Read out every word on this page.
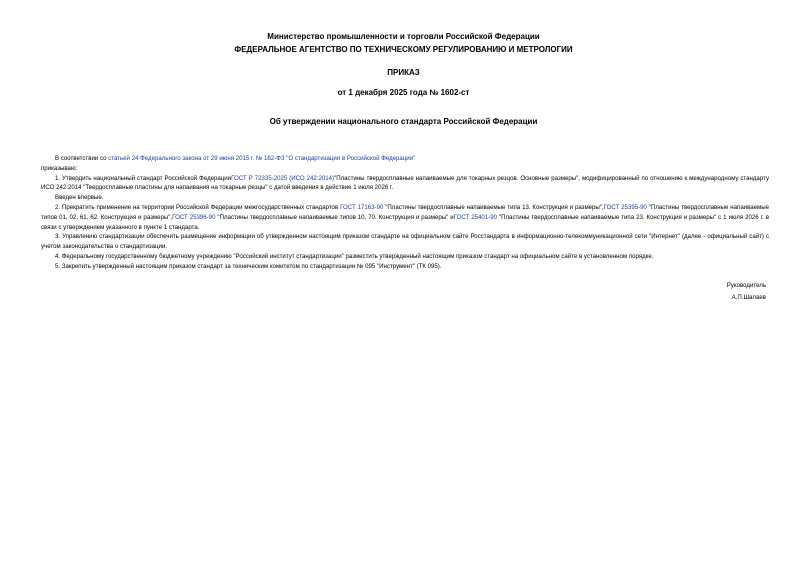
Министерство промышленности и торговли Российской Федерации
ФЕДЕРАЛЬНОЕ АГЕНТСТВО ПО ТЕХНИЧЕСКОМУ РЕГУЛИРОВАНИЮ И МЕТРОЛОГИИ
ПРИКАЗ
от 1 декабря 2025 года № 1602-ст
Об утверждении национального стандарта Российской Федерации

В соответствии со статьей 24 Федерального закона от 29 июня 2015 г. № 162-ФЗ "О стандартизации в Российской Федерации"

приказываю:

1. Утвердить национальный стандарт Российской ФедерацииГОСТ Р 72335-2025 (ИСО 242:2014)"Пластины твердосплавные напаиваемые для токарных резцов. Основные размеры", модифицированный по отношению к международному стандарту ИСО 242:2014 "Твердосплавные пластины для напаивания на токарные резцы" с датой введения в действие 1 июля 2026 г.

Введен впервые.

2. Прекратить применение на территории Российской Федерации межгосударственных стандартов ГОСТ 17163-90 "Пластины твердосплавные напаиваемые типа 13. Конструкция и размеры",ГОСТ 25395-90 "Пластины твердосплавные напаиваемые типов 01, 02, 61, 62. Конструкция и размеры",ГОСТ 25396-90 "Пластины твердосплавные напаиваемые типов 10, 70. Конструкция и размеры" иГОСТ 25401-90 "Пластины твердосплавные напаиваемые типа 23. Конструкция и размеры" с 1 июля 2026 г. в связи с утверждением указанного в пункте 1 стандарта.

3. Управлению стандартизации обеспечить размещение информации об утвержденном настоящим приказом стандарте на официальном сайте Росстандарта в информационно-телекоммуникационной сети "Интернет" (далее - официальный сайт) с учетом законодательства о стандартизации.

4. Федеральному государственному бюджетному учреждению "Российский институт стандартизации" разместить утвержденный настоящим приказом стандарт на официальном сайте в установленном порядке.

5. Закрепить утвержденный настоящим приказом стандарт за техническим комитетом по стандартизации № 095 "Инструмент" (ТК 095).

Руководитель
А.П.Шалаев
